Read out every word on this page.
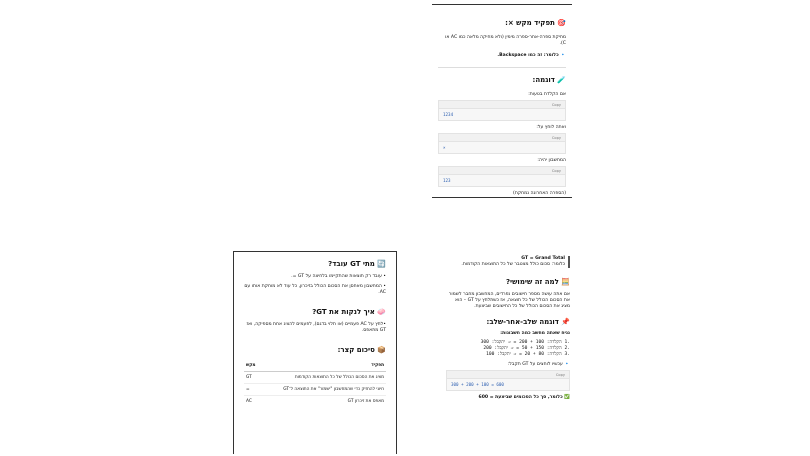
🎯 תפקיד מקש ×:
מחיקת ספרה-אחר-ספרה מימין (ולא מחיקה מלאה כמו AC או C).
🔹 כלומר: זה כמו Backspace.
🧪 דוגמה:
אם הקלדת בטעות:
Copy
1234
ואתה לוחץ על:
Copy
×
המחשבון יהיה:
Copy
123
(הספרה האחרונה נמחקת)
GT = Grand Total
כלומר: סכום כולל מצטבר של כל התוצאות הקודמות.
🧮 למה זה שימושי?
אם אתה עושה מספר חישובים נפרדים, המחשבון מחבר לשמור את הסכום הכולל של כל תוצאה, אז כשתלחץ על GT – הוא מציג את הסכום הכולל של כל החישובים שביצעת.
📌 דוגמה שלב-אחר-שלב:
נניח שאתה מחשב כמה חשבונות:
.1 הקלדה: 100 + 200 = ⇒ יתקבל: 300
.2 הקלדה: 150 + 50 = ⇒ יתקבל: 200
.3 הקלדה: 80 + 20 = ⇒ יתקבל: 100
🔹 עכשיו לוחצים על GT תקבל:
Copy
300 + 200 + 100 = 600
✅ כלומר, סך כל הסכומים שביצעת = 600
🔄 מתי GT עובד?
• עובד רק תוצאות שהתקיימו בלחיצה על GT =.
• המחשבון מאחסן את הסכום הכולל בזיכרון, כל עוד לא מוחקת אותו עם AC.
🧼 איך לנקות את GT?
•לחץ על AC פעמיים (או תלוי בדגם), לפעמים להציג אחת מספיקה, ואז GT מתאפס.
📦 סיכום קצר:
תפקיד	מקש
מציג את הסכום הכולל של כל התוצאות הקודמות	GT
חיוני להחזיק כדי שהמחשבון "ישמור" את התוצאה ל־GT	=
מאפס את זיכרון GT	AC
